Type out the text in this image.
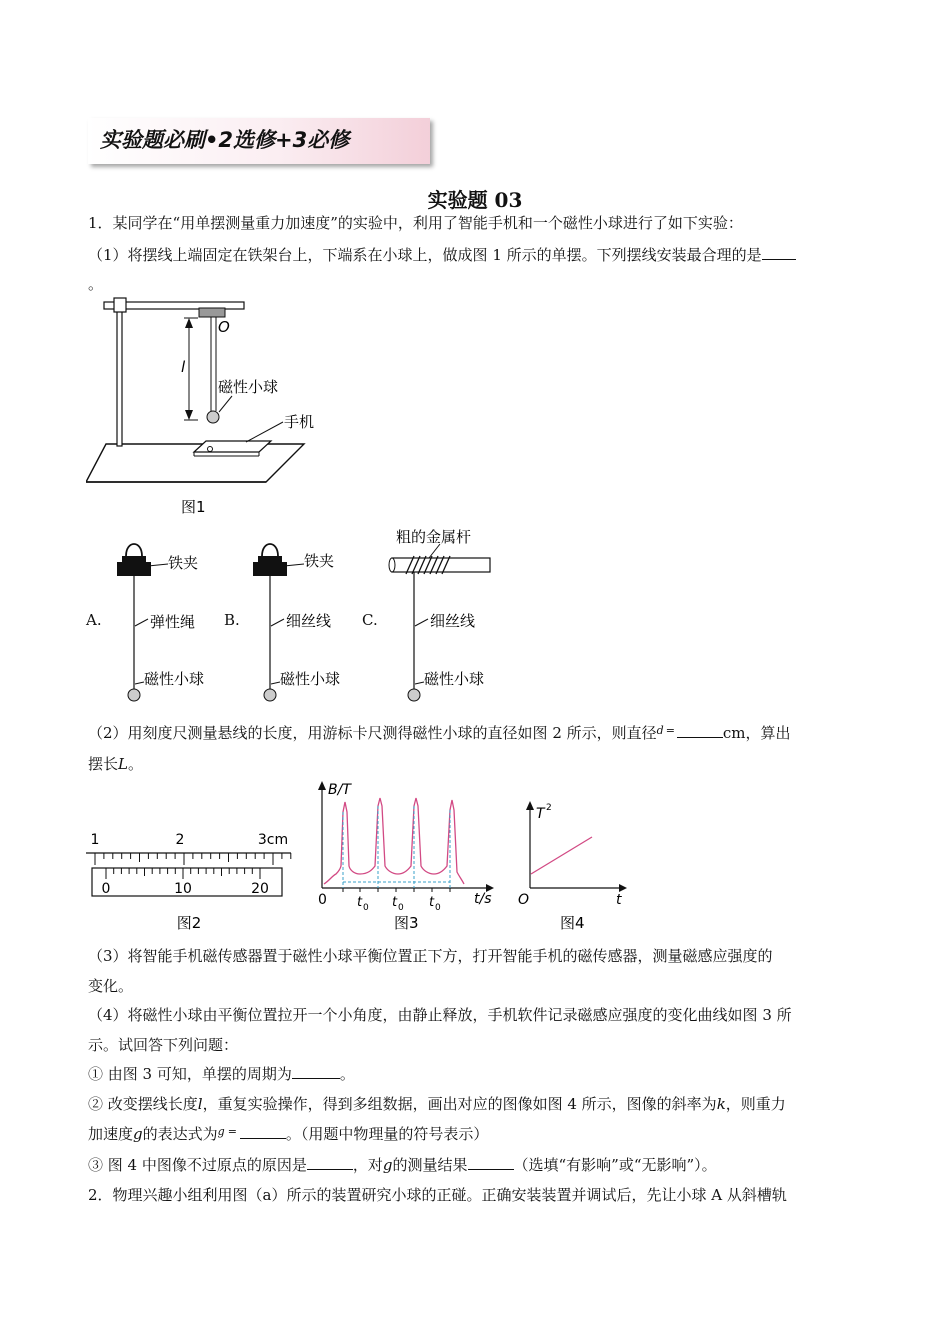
实验题必刷•2选修+3必修
实验题 03
1．某同学在“用单摆测量重力加速度”的实验中，利用了智能手机和一个磁性小球进行了如下实验：
（1）将摆线上端固定在铁架台上，下端系在小球上，做成图 1 所示的单摆。下列摆线安装最合理的是
。
O
l
磁性小球
手机
图1
A.
铁夹
弹性绳
磁性小球
B.
铁夹
细丝线
磁性小球
C.
粗的金属杆
细丝线
磁性小球
（2）用刻度尺测量悬线的长度，用游标卡尺测得磁性小球的直径如图 2 所示，则直径$^d$ =	cm，算出
摆长L。
1	2	3cm
0	10	20
图2
B/T
t/s
0 t 0 t 0 t 0
图3
T 2
t
O
图4
（3）将智能手机磁传感器置于磁性小球平衡位置正下方，打开智能手机的磁传感器，测量磁感应强度的
变化。
（4）将磁性小球由平衡位置拉开一个小角度，由静止释放，手机软件记录磁感应强度的变化曲线如图 3 所
示。试回答下列问题：
① 由图 3 可知，单摆的周期为	。
② 改变摆线长度l，重复实验操作，得到多组数据，画出对应的图像如图 4 所示，图像的斜率为k，则重力
加速度g的表达式为$^g$ =	。（用题中物理量的符号表示）
③ 图 4 中图像不过原点的原因是	，对g的测量结果	（选填“有影响”或“无影响”）。
2．物理兴趣小组利用图（a）所示的装置研究小球的正碰。正确安装装置并调试后，先让小球 A 从斜槽轨
